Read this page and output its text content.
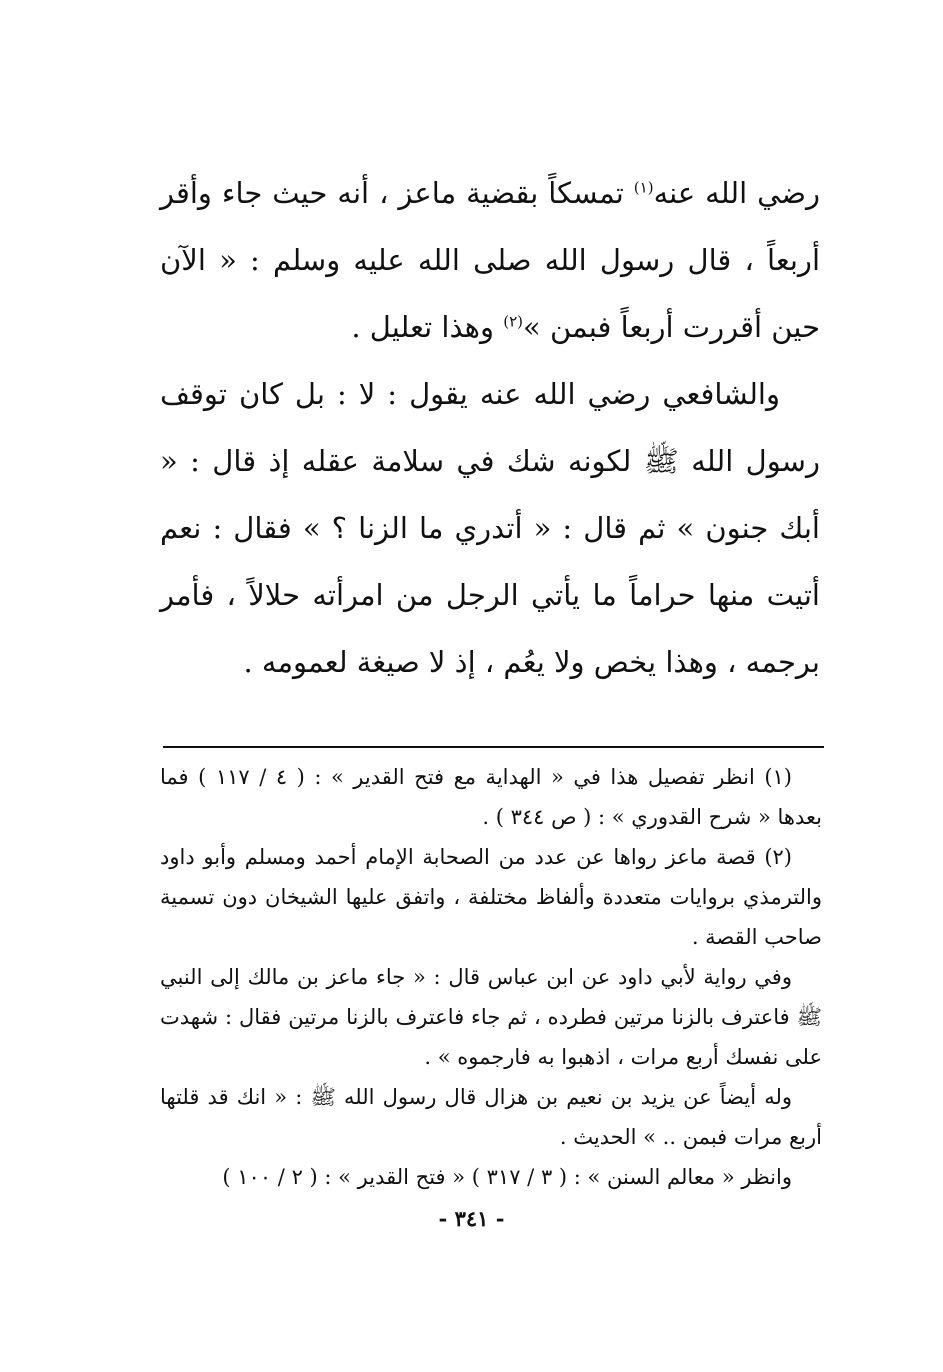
رضي الله عنه$^{(١)}$ تمسكاً بقضية ماعز ، أنه حيث جاء وأقر أربعاً ، قال رسول الله صلى الله عليه وسلم : « الآن حين أقررت أربعاً فبمن »$^{(٢)}$ وهذا تعليل .

والشافعي رضي الله عنه يقول : لا : بل كان توقف رسول الله ﷺ لكونه شك في سلامة عقله إذ قال : « أبك جنون » ثم قال : « أتدري ما الزنا ؟ » فقال : نعم أتيت منها حراماً ما يأتي الرجل من امرأته حلالاً ، فأمر برجمه ، وهذا يخص ولا يعُم ، إذ لا صيغة لعمومه .

(١) انظر تفصيل هذا في « الهداية مع فتح القدير » : ( ٤ / ١١٧ ) فما بعدها « شرح القدوري » : ( ص ٣٤٤ ) .

(٢) قصة ماعز رواها عن عدد من الصحابة الإمام أحمد ومسلم وأبو داود والترمذي بروايات متعددة وألفاظ مختلفة ، واتفق عليها الشيخان دون تسمية صاحب القصة .

وفي رواية لأبي داود عن ابن عباس قال : « جاء ماعز بن مالك إلى النبي ﷺ فاعترف بالزنا مرتين فطرده ، ثم جاء فاعترف بالزنا مرتين فقال : شهدت على نفسك أربع مرات ، اذهبوا به فارجموه » .

وله أيضاً عن يزيد بن نعيم بن هزال قال رسول الله ﷺ : « انك قد قلتها أربع مرات فبمن .. » الحديث .

وانظر « معالم السنن » : ( ٣ / ٣١٧ ) « فتح القدير » : ( ٢ / ١٠٠ )

- ٣٤١ -
